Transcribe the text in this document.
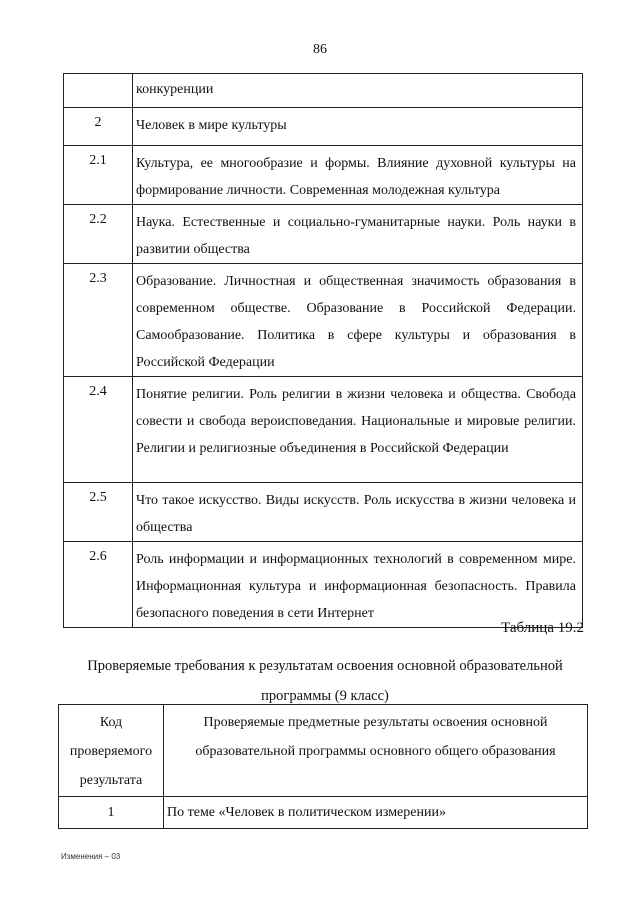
86
	конкуренции
2	Человек в мире культуры
2.1	Культура, ее многообразие и формы. Влияние духовной культуры на формирование личности. Современная молодежная культура
2.2	Наука. Естественные и социально-гуманитарные науки. Роль науки в развитии общества
2.3	Образование. Личностная и общественная значимость образования в современном обществе. Образование в Российской Федерации. Самообразование. Политика в сфере культуры и образования в Российской Федерации
2.4	Понятие религии. Роль религии в жизни человека и общества. Свобода совести и свобода вероисповедания. Национальные и мировые религии. Религии и религиозные объединения в Российской Федерации
2.5	Что такое искусство. Виды искусств. Роль искусства в жизни человека и общества
2.6	Роль информации и информационных технологий в современном мире. Информационная культура и информационная безопасность. Правила безопасного поведения в сети Интернет
Таблица 19.2
Проверяемые требования к результатам освоения основной образовательной программы (9 класс)
Код проверяемого результата	Проверяемые предметные результаты освоения основной образовательной программы основного общего образования
1	По теме «Человек в политическом измерении»
Изменения – 03
